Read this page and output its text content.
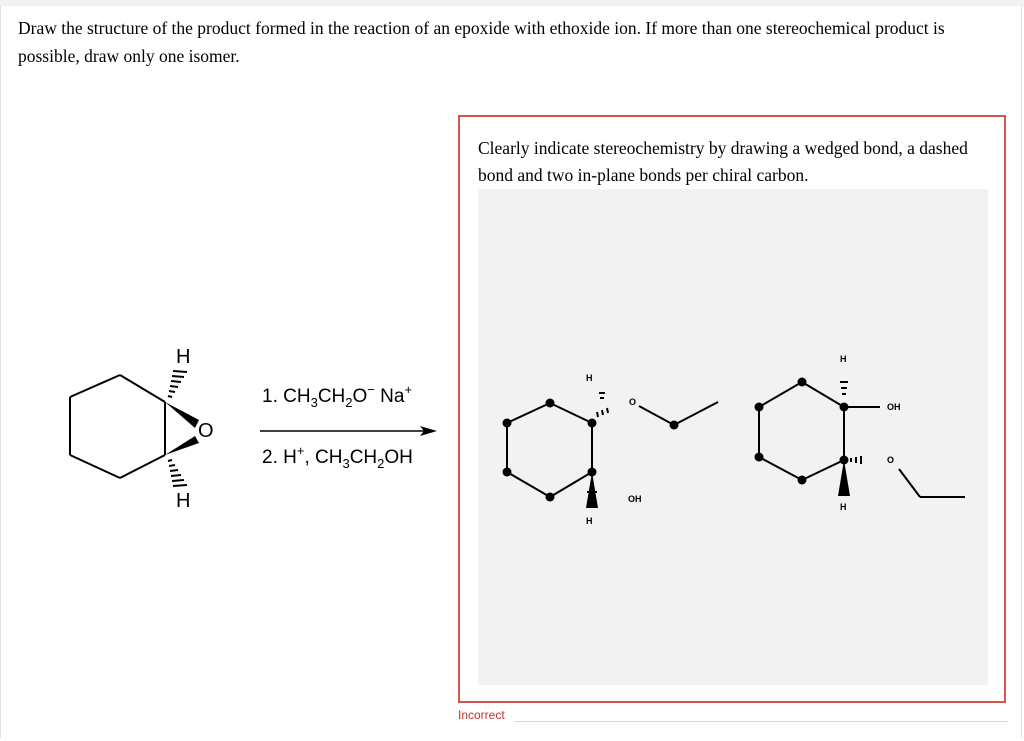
Draw the structure of the product formed in the reaction of an epoxide with ethoxide ion. If more than one stereochemical product is possible, draw only one isomer.
H
O
H
1. $CH_3CH_2O^-$ Na+
2. H+, $CH_3CH_2OH$
Clearly indicate stereochemistry by drawing a wedged bond, a dashed bond and two in-plane bonds per chiral carbon.
H
O
OH
H
H
OH
O
H
Incorrect
